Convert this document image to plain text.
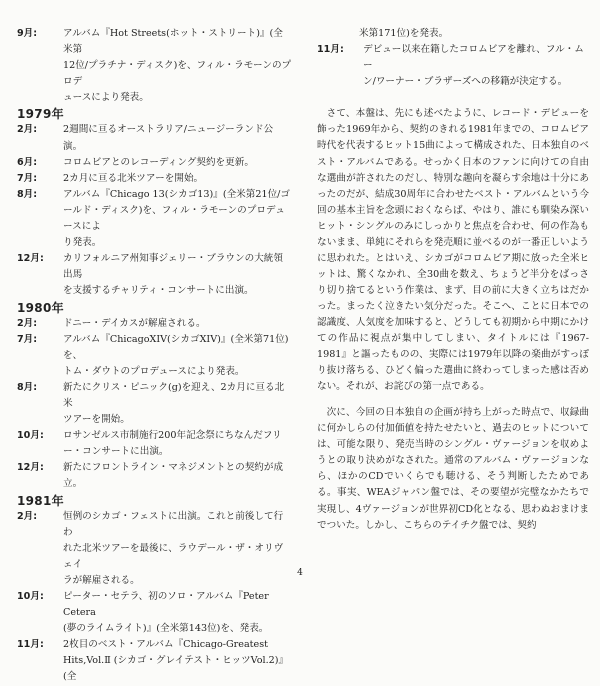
9月:	アルバム『Hot Streets(ホット・ストリート)』(全米第
12位/プラチナ・ディスク)を、フィル・ラモーンのプロデ
ュースにより発表。
1979年
2月:	2週間に亘るオーストラリア/ニュージーランド公演。
6月:	コロムビアとのレコーディング契約を更新。
7月:	2カ月に亘る北米ツアーを開始。
8月:	アルバム『Chicago 13(シカゴ13)』(全米第21位/ゴ
ールド・ディスク)を、フィル・ラモーンのプロデュースによ
り発表。
12月:	カリフォルニア州知事ジェリー・ブラウンの大統領出馬
を支援するチャリティ・コンサートに出演。
1980年
2月:	ドニー・デイカスが解雇される。
7月:	アルバム『ChicagoXIV(シカゴXIV)』(全米第71位)を、
トム・ダウトのプロデュースにより発表。
8月:	新たにクリス・ピニック(g)を迎え、2カ月に亘る北米
ツアーを開始。
10月:	ロサンゼルス市制施行200年記念祭にちなんだフリ
ー・コンサートに出演。
12月:	新たにフロントライン・マネジメントとの契約が成立。
1981年
2月:	恒例のシカゴ・フェストに出演。これと前後して行わ
れた北米ツアーを最後に、ラウデール・ザ・オリヴェイ
ラが解雇される。
10月:	ピーター・セテラ、初のソロ・アルバム『Peter Cetera
(夢のライムライト)』(全米第143位)を、発表。
11月:	2枚目のベスト・アルバム『Chicago-Greatest
Hits,Vol.Ⅱ (シカゴ・グレイテスト・ヒッツVol.2)』(全
米第171位)を発表。
11月:	デビュー以来在籍したコロムビアを離れ、フル・ムー
ン/ワーナー・ブラザーズへの移籍が決定する。

さて、本盤は、先にも述べたように、レコード・デビューを飾った1969年から、契約のきれる1981年までの、コロムビア時代を代表するヒット15曲によって構成された、日本独自のベスト・アルバムである。せっかく日本のファンに向けての自由な選曲が許されたのだし、特別な趣向を凝らす余地は十分にあったのだが、結成30周年に合わせたベスト・アルバムという今回の基本主旨を念頭におくならば、やはり、誰にも馴染み深いヒット・シングルのみにしっかりと焦点を合わせ、何の作為もないまま、単純にそれらを発売順に並べるのが一番正しいように思われた。とはいえ、シカゴがコロムビア期に放った全米ヒットは、驚くなかれ、全30曲を数え、ちょうど半分をばっさり切り捨てるという作業は、まず、目の前に大きく立ちはだかった。まったく泣きたい気分だった。そこへ、ことに日本での認識度、人気度を加味すると、どうしても初期から中期にかけての作品に視点が集中してしまい、タイトルには『1967-1981』と謳ったものの、実際には1979年以降の楽曲がすっぽり抜け落ちる、ひどく偏った選曲に終わってしまった感は否めない。それが、お詫びの第一点である。

次に、今回の日本独自の企画が持ち上がった時点で、収録曲に何かしらの付加価値を持たせたいと、過去のヒットについては、可能な限り、発売当時のシングル・ヴァージョンを収めようとの取り決めがなされた。通常のアルバム・ヴァージョンなら、ほかのCDでいくらでも聴ける、そう判断したためである。事実、WEAジャパン盤では、その要望が完璧なかたちで実現し、4ヴァージョンが世界初CD化となる、思わぬおまけまでついた。しかし、こちらのテイチク盤では、契約

4
